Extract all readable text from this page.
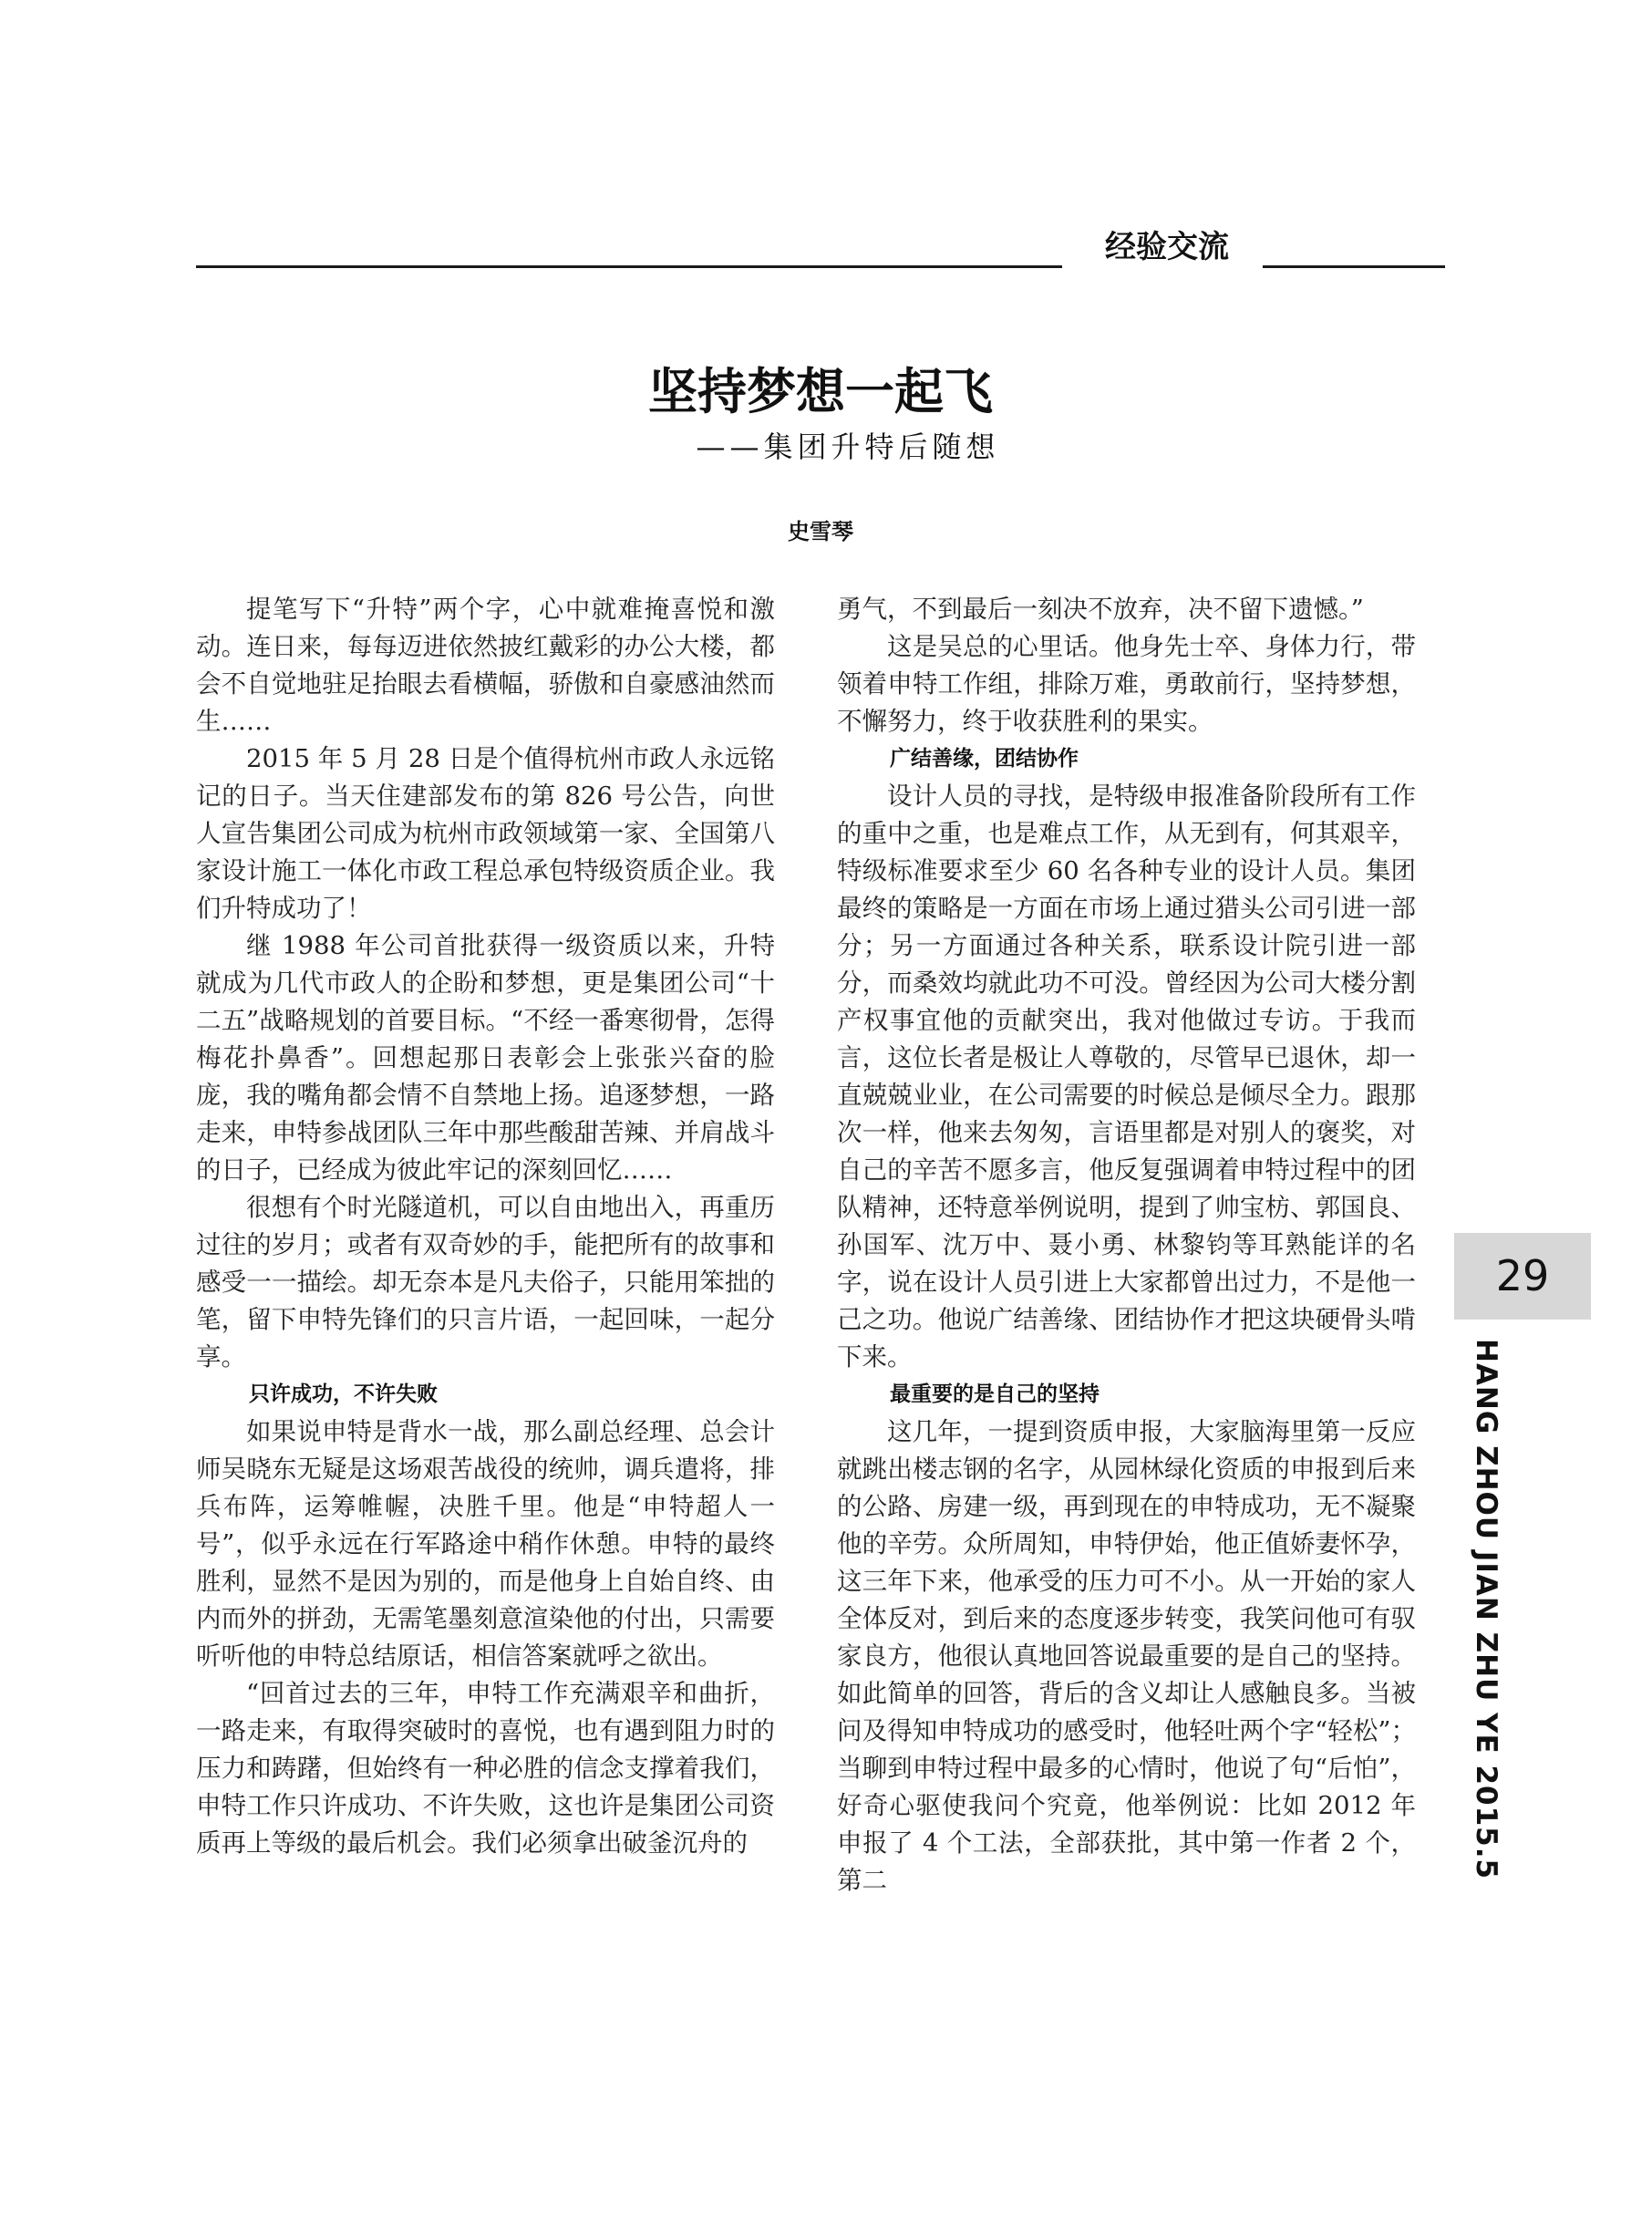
经验交流
坚持梦想一起飞
——集团升特后随想
史雪琴

提笔写下“升特”两个字，心中就难掩喜悦和激动。连日来，每每迈进依然披红戴彩的办公大楼，都会不自觉地驻足抬眼去看横幅，骄傲和自豪感油然而生……

2015 年 5 月 28 日是个值得杭州市政人永远铭记的日子。当天住建部发布的第 826 号公告，向世人宣告集团公司成为杭州市政领域第一家、全国第八家设计施工一体化市政工程总承包特级资质企业。我们升特成功了！

继 1988 年公司首批获得一级资质以来，升特就成为几代市政人的企盼和梦想，更是集团公司“十二五”战略规划的首要目标。“不经一番寒彻骨，怎得梅花扑鼻香”。回想起那日表彰会上张张兴奋的脸庞，我的嘴角都会情不自禁地上扬。追逐梦想，一路走来，申特参战团队三年中那些酸甜苦辣、并肩战斗的日子，已经成为彼此牢记的深刻回忆……

很想有个时光隧道机，可以自由地出入，再重历过往的岁月；或者有双奇妙的手，能把所有的故事和感受一一描绘。却无奈本是凡夫俗子，只能用笨拙的笔，留下申特先锋们的只言片语，一起回味，一起分享。

只许成功，不许失败

如果说申特是背水一战，那么副总经理、总会计师吴晓东无疑是这场艰苦战役的统帅，调兵遣将，排兵布阵，运筹帷幄，决胜千里。他是“申特超人一号”，似乎永远在行军路途中稍作休憩。申特的最终胜利，显然不是因为别的，而是他身上自始自终、由内而外的拼劲，无需笔墨刻意渲染他的付出，只需要听听他的申特总结原话，相信答案就呼之欲出。

“回首过去的三年，申特工作充满艰辛和曲折，一路走来，有取得突破时的喜悦，也有遇到阻力时的压力和踌躇，但始终有一种必胜的信念支撑着我们，申特工作只许成功、不许失败，这也许是集团公司资质再上等级的最后机会。我们必须拿出破釜沉舟的

勇气，不到最后一刻决不放弃，决不留下遗憾。”

这是吴总的心里话。他身先士卒、身体力行，带领着申特工作组，排除万难，勇敢前行，坚持梦想，不懈努力，终于收获胜利的果实。

广结善缘，团结协作

设计人员的寻找，是特级申报准备阶段所有工作的重中之重，也是难点工作，从无到有，何其艰辛，特级标准要求至少 60 名各种专业的设计人员。集团最终的策略是一方面在市场上通过猎头公司引进一部分；另一方面通过各种关系，联系设计院引进一部分，而桑效均就此功不可没。曾经因为公司大楼分割产权事宜他的贡献突出，我对他做过专访。于我而言，这位长者是极让人尊敬的，尽管早已退休，却一直兢兢业业，在公司需要的时候总是倾尽全力。跟那次一样，他来去匆匆，言语里都是对别人的褒奖，对自己的辛苦不愿多言，他反复强调着申特过程中的团队精神，还特意举例说明，提到了帅宝枋、郭国良、孙国军、沈万中、聂小勇、林黎钧等耳熟能详的名字，说在设计人员引进上大家都曾出过力，不是他一己之功。他说广结善缘、团结协作才把这块硬骨头啃下来。

最重要的是自己的坚持

这几年，一提到资质申报，大家脑海里第一反应就跳出楼志钢的名字，从园林绿化资质的申报到后来的公路、房建一级，再到现在的申特成功，无不凝聚他的辛劳。众所周知，申特伊始，他正值娇妻怀孕，这三年下来，他承受的压力可不小。从一开始的家人全体反对，到后来的态度逐步转变，我笑问他可有驭家良方，他很认真地回答说最重要的是自己的坚持。如此简单的回答，背后的含义却让人感触良多。当被问及得知申特成功的感受时，他轻吐两个字“轻松”；当聊到申特过程中最多的心情时，他说了句“后怕”，好奇心驱使我问个究竟，他举例说：比如 2012 年申报了 4 个工法，全部获批，其中第一作者 2 个，第二

29
HANG ZHOU JIAN ZHU YE 2015.5
